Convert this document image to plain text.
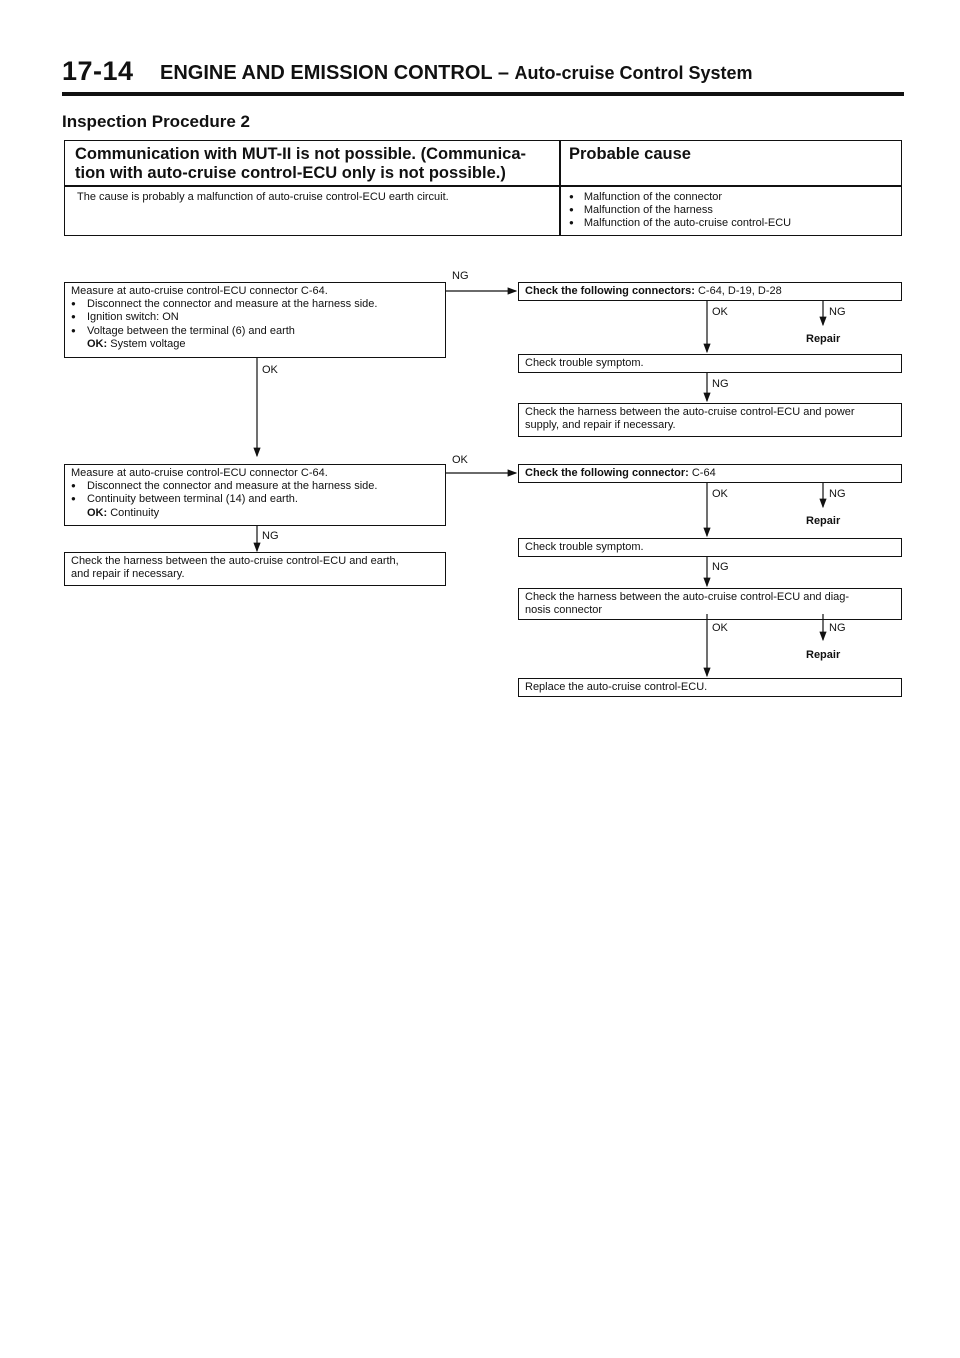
17-14 ENGINE AND EMISSION CONTROL – Auto-cruise Control System
Inspection Procedure 2
Communication with MUT-II is not possible. (Communica-
tion with auto-cruise control-ECU only is not possible.)
Probable cause
The cause is probably a malfunction of auto-cruise control-ECU earth circuit.
●	Malfunction of the connector
● Malfunction of the harness
● Malfunction of the auto-cruise control-ECU
Measure at auto-cruise control-ECU connector C-64.
● Disconnect the connector and measure at the harness side.
● Ignition switch: ON
● Voltage between the terminal (6) and earth
OK: System voltage
NG
OK
Measure at auto-cruise control-ECU connector C-64.
● Disconnect the connector and measure at the harness side.
● Continuity between terminal (14) and earth.
OK: Continuity
OK
NG
Check the harness between the auto-cruise control-ECU and earth,
and repair if necessary.
Check the following connectors: C-64, D-19, D-28
OK	NG
Repair
Check trouble symptom.
NG
Check the harness between the auto-cruise control-ECU and power
supply, and repair if necessary.
Check the following connector: C-64
OK	NG
Repair
Check trouble symptom.
NG
Check the harness between the auto-cruise control-ECU and diag-
nosis connector
OK	NG
Repair
Replace the auto-cruise control-ECU.
